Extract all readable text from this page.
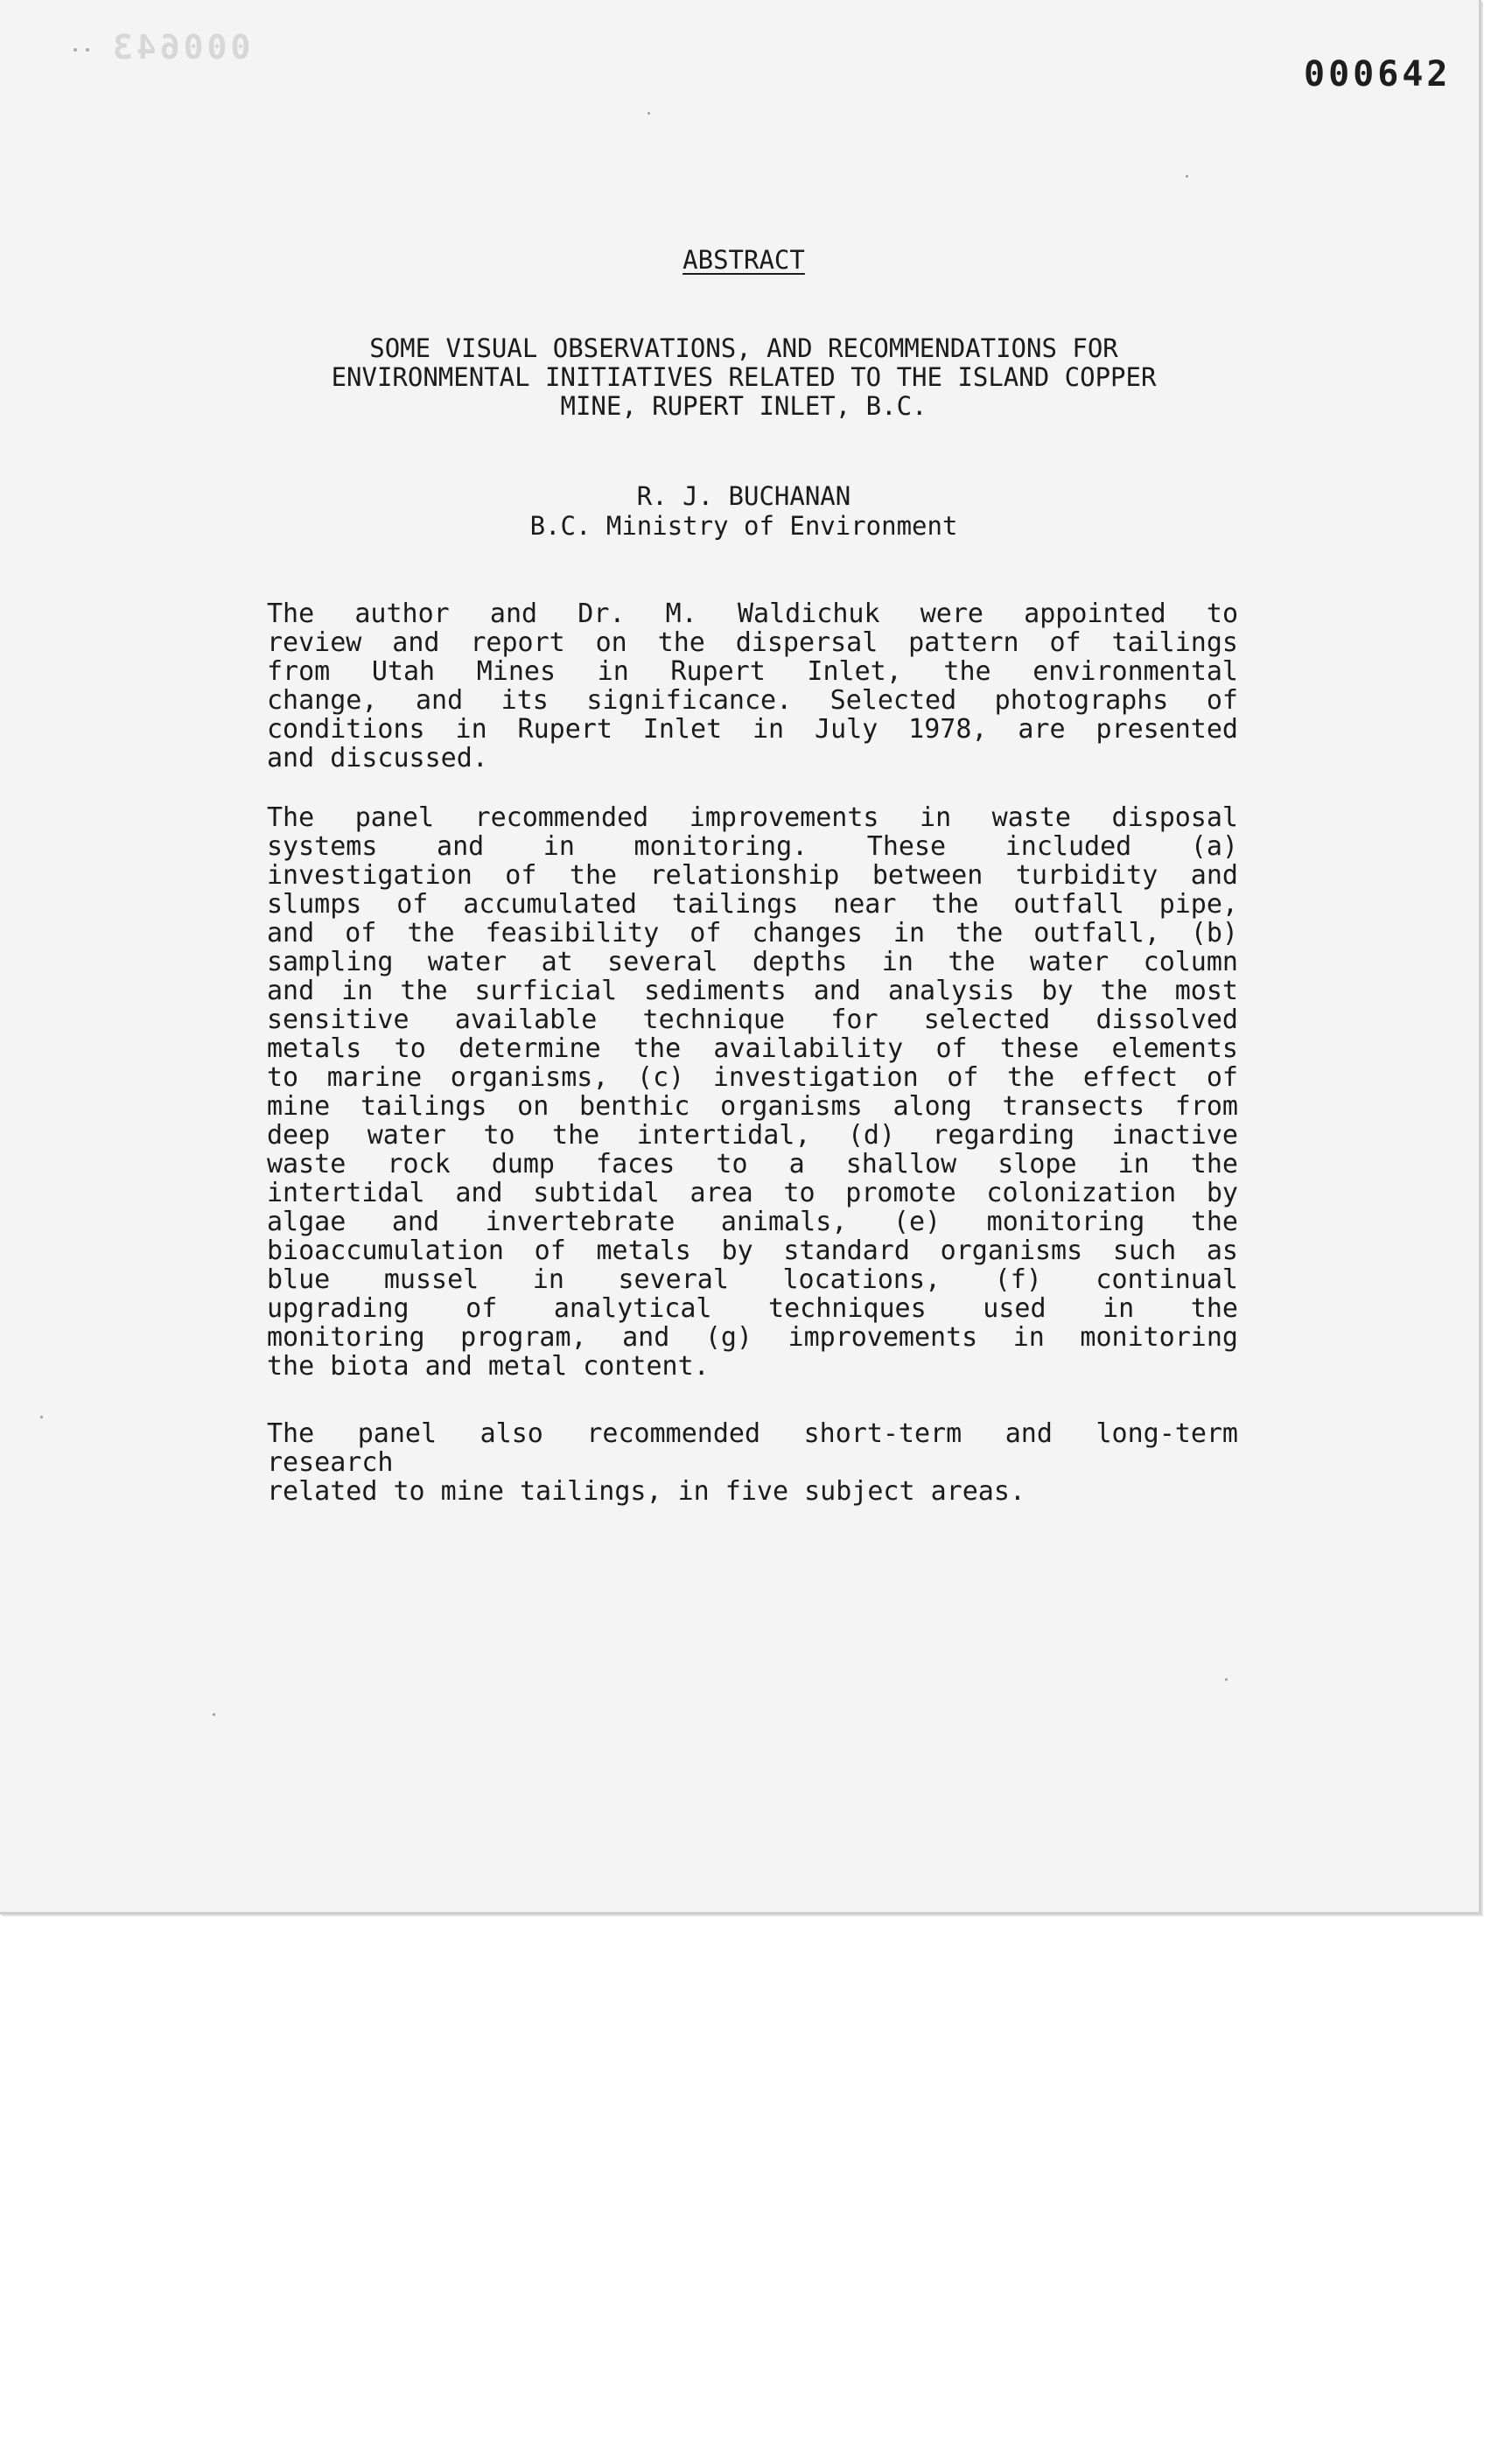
000643
000642
ABSTRACT
SOME VISUAL OBSERVATIONS, AND RECOMMENDATIONS FOR
ENVIRONMENTAL INITIATIVES RELATED TO THE ISLAND COPPER
MINE, RUPERT INLET, B.C.
R. J. BUCHANAN
B.C. Ministry of Environment
The author and Dr. M. Waldichuk were appointed to
review and report on the dispersal pattern of tailings
from Utah Mines in Rupert Inlet, the environmental
change, and its significance. Selected photographs of
conditions in Rupert Inlet in July 1978, are presented
and discussed.
The panel recommended improvements in waste disposal
systems and in monitoring. These included (a)
investigation of the relationship between turbidity and
slumps of accumulated tailings near the outfall pipe,
and of the feasibility of changes in the outfall, (b)
sampling water at several depths in the water column
and in the surficial sediments and analysis by the most
sensitive available technique for selected dissolved
metals to determine the availability of these elements
to marine organisms, (c) investigation of the effect of
mine tailings on benthic organisms along transects from
deep water to the intertidal, (d) regarding inactive
waste rock dump faces to a shallow slope in the
intertidal and subtidal area to promote colonization by
algae and invertebrate animals, (e) monitoring the
bioaccumulation of metals by standard organisms such as
blue mussel in several locations, (f) continual
upgrading of analytical techniques used in the
monitoring program, and (g) improvements in monitoring
the biota and metal content.
The panel also recommended short-term and long-term
research
related to mine tailings, in five subject areas.
